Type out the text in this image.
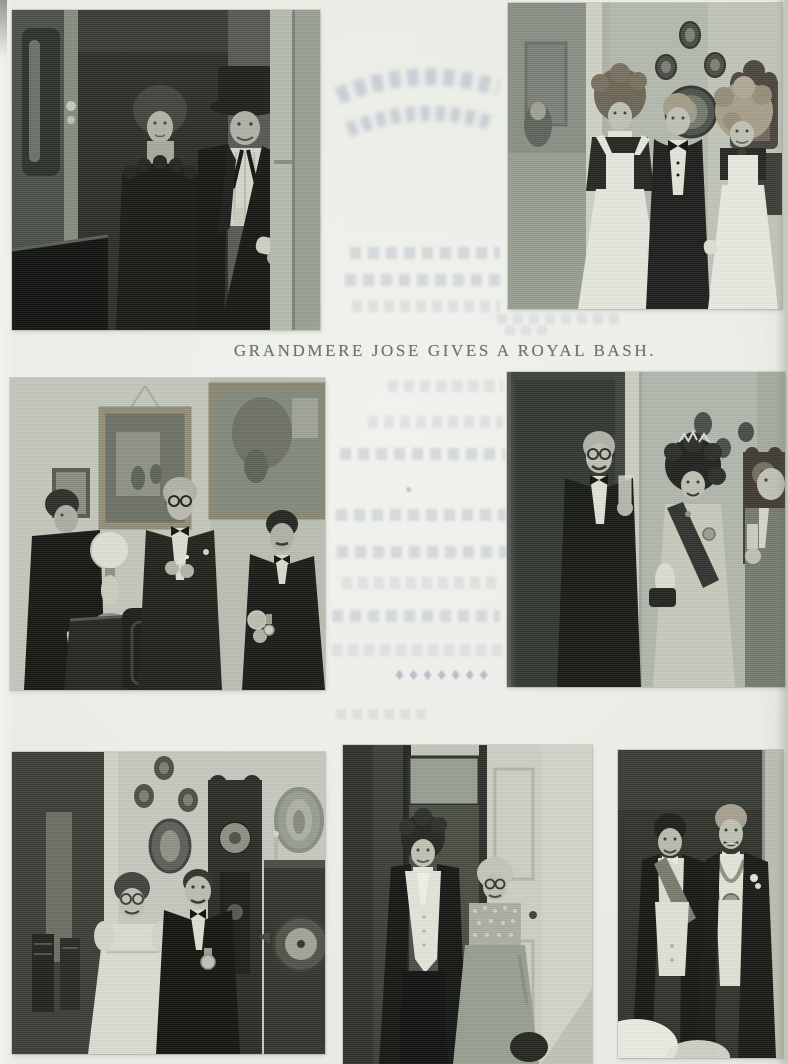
GRANDMERE JOSE GIVES A ROYAL BASH.
♦♦♦♦♦♦♦
